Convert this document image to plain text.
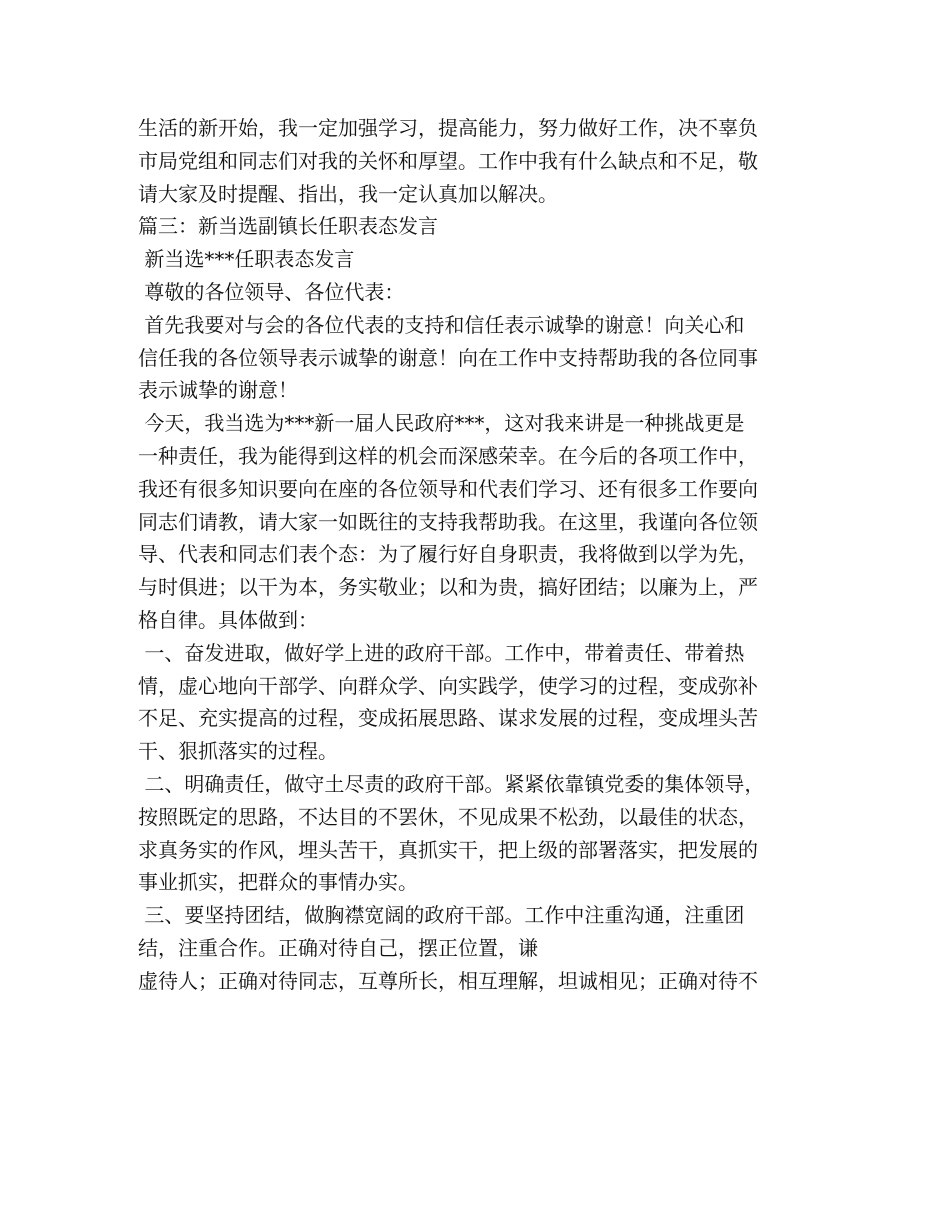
生活的新开始，我一定加强学习，提高能力，努力做好工作，决不辜负
市局党组和同志们对我的关怀和厚望。工作中我有什么缺点和不足，敬
请大家及时提醒、指出，我一定认真加以解决。
篇三：新当选副镇长任职表态发言
新当选***任职表态发言
尊敬的各位领导、各位代表：
首先我要对与会的各位代表的支持和信任表示诚挚的谢意！向关心和
信任我的各位领导表示诚挚的谢意！向在工作中支持帮助我的各位同事
表示诚挚的谢意！
今天，我当选为***新一届人民政府***，这对我来讲是一种挑战更是
一种责任，我为能得到这样的机会而深感荣幸。在今后的各项工作中，
我还有很多知识要向在座的各位领导和代表们学习、还有很多工作要向
同志们请教，请大家一如既往的支持我帮助我。在这里，我谨向各位领
导、代表和同志们表个态：为了履行好自身职责，我将做到以学为先，
与时俱进；以干为本，务实敬业；以和为贵，搞好团结；以廉为上，严
格自律。具体做到：
一、奋发进取，做好学上进的政府干部。工作中，带着责任、带着热
情，虚心地向干部学、向群众学、向实践学，使学习的过程，变成弥补
不足、充实提高的过程，变成拓展思路、谋求发展的过程，变成埋头苦
干、狠抓落实的过程。
二、明确责任，做守土尽责的政府干部。紧紧依靠镇党委的集体领导，
按照既定的思路，不达目的不罢休，不见成果不松劲，以最佳的状态，
求真务实的作风，埋头苦干，真抓实干，把上级的部署落实，把发展的
事业抓实，把群众的事情办实。
三、要坚持团结，做胸襟宽阔的政府干部。工作中注重沟通，注重团
结，注重合作。正确对待自己，摆正位置，谦
虚待人；正确对待同志，互尊所长，相互理解，坦诚相见；正确对待不
